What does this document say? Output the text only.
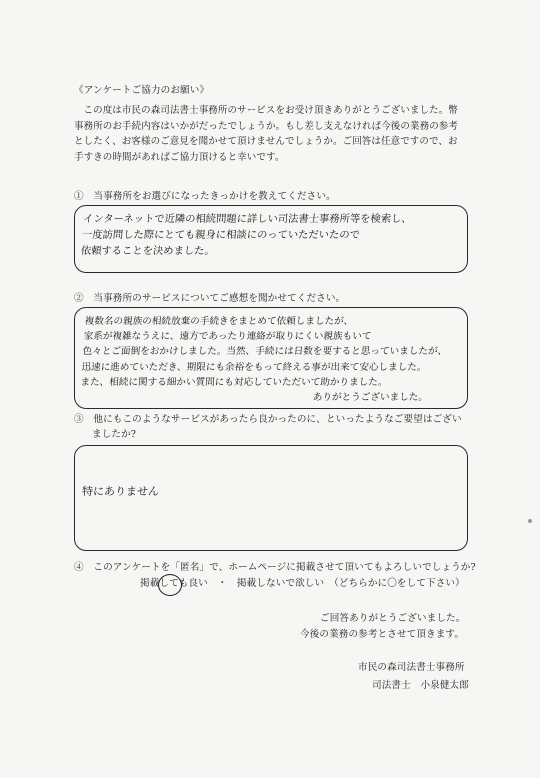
《アンケートご協力のお願い》

この度は市民の森司法書士事務所のサービスをお受け頂きありがとうございました。幣

事務所のお手続内容はいかがだったでしょうか。もし差し支えなければ今後の業務の参考

としたく、お客様のご意見を聞かせて頂けませんでしょうか。ご回答は任意ですので、お

手すきの時間があればご協力頂けると幸いです。

①　当事務所をお選びになったきっかけを教えてください。
インターネットで近隣の相続問題に詳しい司法書士事務所等を検索し、
一度訪問した際にとても親身に相談にのっていただいたので
依頼することを決めました。
②　当事務所のサービスについてご感想を聞かせてください。
複数名の親族の相続放棄の手続きをまとめて依頼しましたが、
家系が複雑なうえに、遠方であったり連絡が取りにくい親族もいて
色々とご面倒をおかけしました。当然、手続には日数を要すると思っていましたが、
迅速に進めていただき、期限にも余裕をもって終える事が出来て安心しました。
また、相続に関する細かい質問にも対応していただいて助かりました。
ありがとうございました。
③　他にもこのようなサービスがあったら良かったのに、といったようなご要望はござい
ましたか?
特にありません
④　このアンケートを「匿名」で、ホームページに掲載させて頂いてもよろしいでしょうか?
掲載しても良い　・　掲載しないで欲しい　（どちらかに〇をして下さい）
ご回答ありがとうございました。
今後の業務の参考とさせて頂きます。
市民の森司法書士事務所
司法書士　小泉健太郎
